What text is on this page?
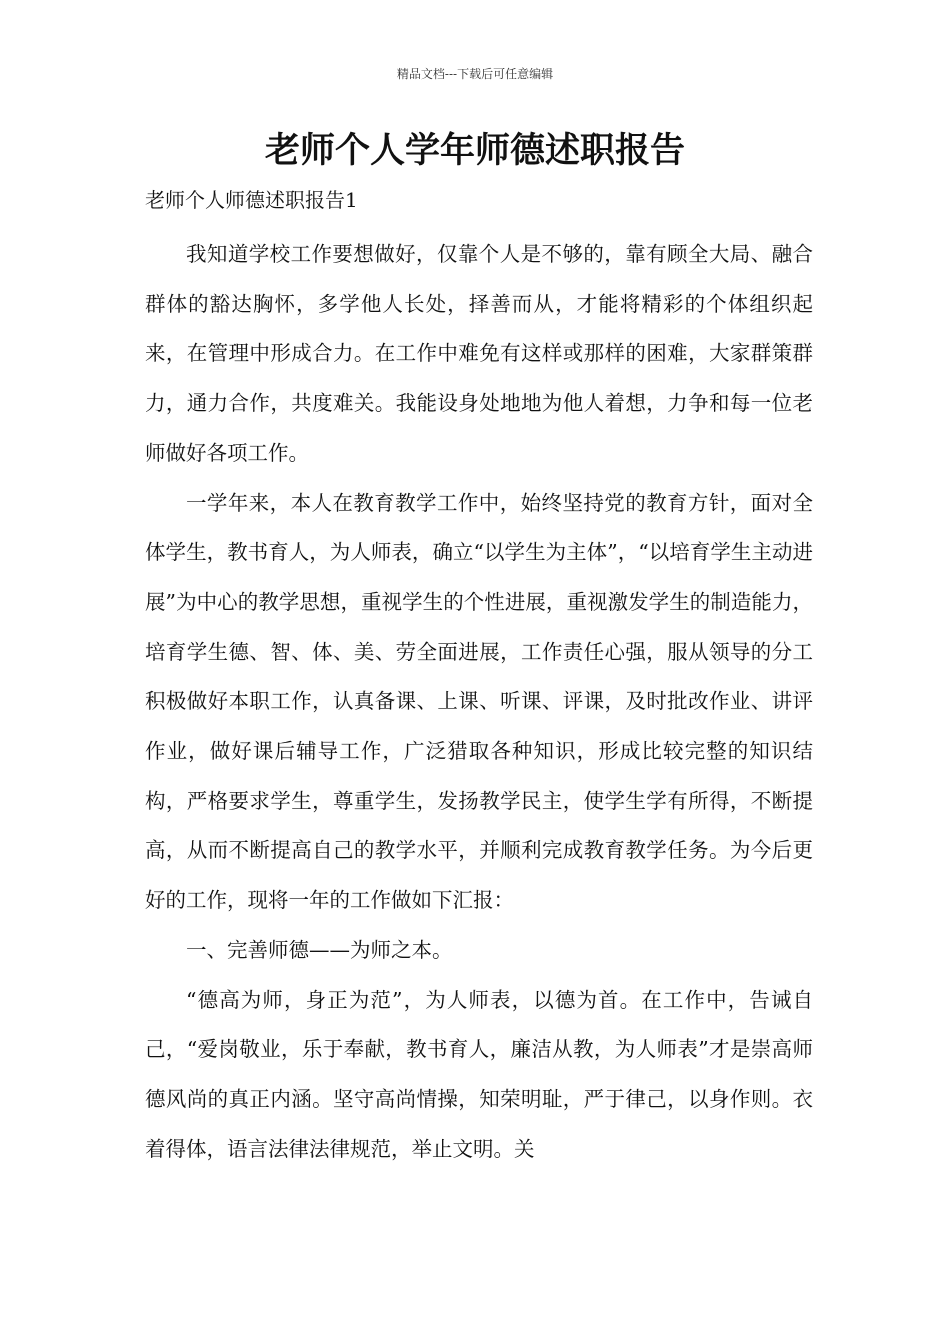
精品文档---下载后可任意编辑
老师个人学年师德述职报告
老师个人师德述职报告1

我知道学校工作要想做好，仅靠个人是不够的，靠有顾全大局、融合群体的豁达胸怀，多学他人长处，择善而从，才能将精彩的个体组织起来，在管理中形成合力。在工作中难免有这样或那样的困难，大家群策群力，通力合作，共度难关。我能设身处地地为他人着想，力争和每一位老师做好各项工作。

一学年来，本人在教育教学工作中，始终坚持党的教育方针，面对全体学生，教书育人，为人师表，确立“以学生为主体”，“以培育学生主动进展”为中心的教学思想，重视学生的个性进展，重视激发学生的制造能力，培育学生德、智、体、美、劳全面进展，工作责任心强，服从领导的分工积极做好本职工作，认真备课、上课、听课、评课，及时批改作业、讲评作业，做好课后辅导工作，广泛猎取各种知识，形成比较完整的知识结构，严格要求学生，尊重学生，发扬教学民主，使学生学有所得，不断提高，从而不断提高自己的教学水平，并顺利完成教育教学任务。为今后更好的工作，现将一年的工作做如下汇报：

一、完善师德——为师之本。

“德高为师，身正为范”，为人师表，以德为首。在工作中，告诫自己，“爱岗敬业，乐于奉献，教书育人，廉洁从教，为人师表”才是崇高师德风尚的真正内涵。坚守高尚情操，知荣明耻，严于律己，以身作则。衣着得体，语言法律法律规范，举止文明。关
